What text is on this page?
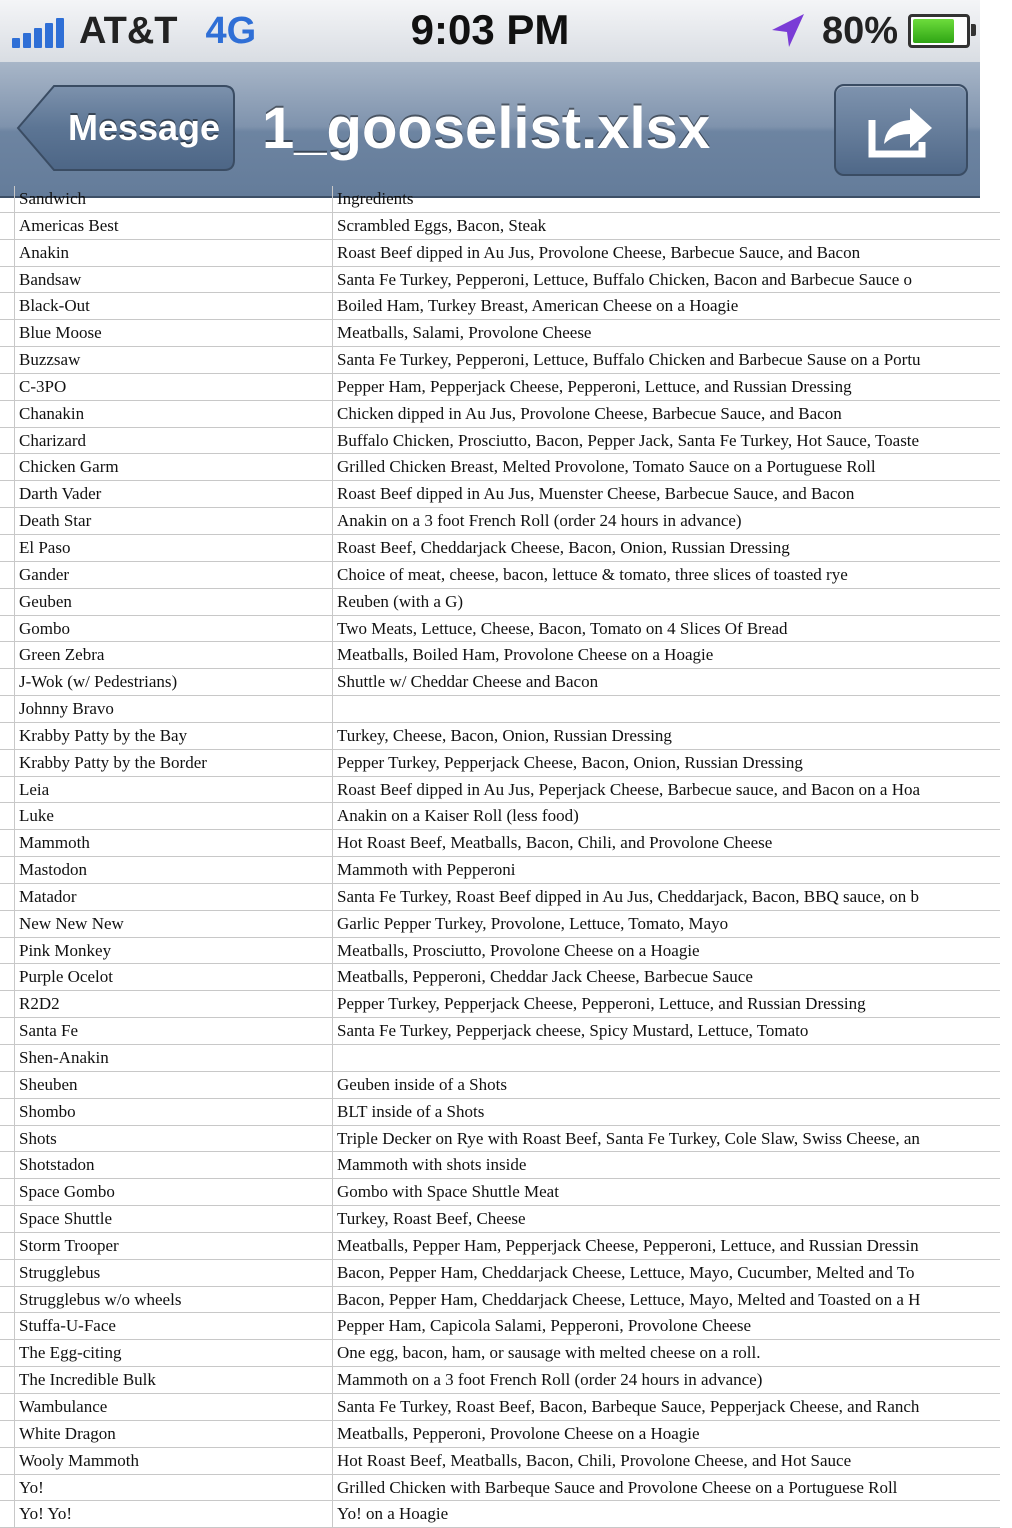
AT&T 4G	9:03 PM	80%
Message 1_gooselist.xlsx
Sandwich	Ingredients
Americas Best	Scrambled Eggs, Bacon, Steak
Anakin	Roast Beef dipped in Au Jus, Provolone Cheese, Barbecue Sauce, and Bacon
Bandsaw	Santa Fe Turkey, Pepperoni, Lettuce, Buffalo Chicken, Bacon and Barbecue Sauce o
Black-Out	Boiled Ham, Turkey Breast, American Cheese on a Hoagie
Blue Moose	Meatballs, Salami, Provolone Cheese
Buzzsaw	Santa Fe Turkey, Pepperoni, Lettuce, Buffalo Chicken and Barbecue Sause on a Portu
C-3PO	Pepper Ham, Pepperjack Cheese, Pepperoni, Lettuce, and Russian Dressing
Chanakin	Chicken dipped in Au Jus, Provolone Cheese, Barbecue Sauce, and Bacon
Charizard	Buffalo Chicken, Prosciutto, Bacon, Pepper Jack, Santa Fe Turkey, Hot Sauce, Toaste
Chicken Garm	Grilled Chicken Breast, Melted Provolone, Tomato Sauce on a Portuguese Roll
Darth Vader	Roast Beef dipped in Au Jus, Muenster Cheese, Barbecue Sauce, and Bacon
Death Star	Anakin on a 3 foot French Roll (order 24 hours in advance)
El Paso	Roast Beef, Cheddarjack Cheese, Bacon, Onion, Russian Dressing
Gander	Choice of meat, cheese, bacon, lettuce & tomato, three slices of toasted rye
Geuben	Reuben (with a G)
Gombo	Two Meats, Lettuce, Cheese, Bacon, Tomato on 4 Slices Of Bread
Green Zebra	Meatballs, Boiled Ham, Provolone Cheese on a Hoagie
J-Wok (w/ Pedestrians)	Shuttle w/ Cheddar Cheese and Bacon
Johnny Bravo
Krabby Patty by the Bay	Turkey, Cheese, Bacon, Onion, Russian Dressing
Krabby Patty by the Border	Pepper Turkey, Pepperjack Cheese, Bacon, Onion, Russian Dressing
Leia	Roast Beef dipped in Au Jus, Peperjack Cheese, Barbecue sauce, and Bacon on a Hoa
Luke	Anakin on a Kaiser Roll (less food)
Mammoth	Hot Roast Beef, Meatballs, Bacon, Chili, and Provolone Cheese
Mastodon	Mammoth with Pepperoni
Matador	Santa Fe Turkey, Roast Beef dipped in Au Jus, Cheddarjack, Bacon, BBQ sauce, on b
New New New	Garlic Pepper Turkey, Provolone, Lettuce, Tomato, Mayo
Pink Monkey	Meatballs, Prosciutto, Provolone Cheese on a Hoagie
Purple Ocelot	Meatballs, Pepperoni, Cheddar Jack Cheese, Barbecue Sauce
R2D2	Pepper Turkey, Pepperjack Cheese, Pepperoni, Lettuce, and Russian Dressing
Santa Fe	Santa Fe Turkey, Pepperjack cheese, Spicy Mustard, Lettuce, Tomato
Shen-Anakin
Sheuben	Geuben inside of a Shots
Shombo	BLT inside of a Shots
Shots	Triple Decker on Rye with Roast Beef, Santa Fe Turkey, Cole Slaw, Swiss Cheese, an
Shotstadon	Mammoth with shots inside
Space Gombo	Gombo with Space Shuttle Meat
Space Shuttle	Turkey, Roast Beef, Cheese
Storm Trooper	Meatballs, Pepper Ham, Pepperjack Cheese, Pepperoni, Lettuce, and Russian Dressin
Strugglebus	Bacon, Pepper Ham, Cheddarjack Cheese, Lettuce, Mayo, Cucumber, Melted and To
Strugglebus w/o wheels	Bacon, Pepper Ham, Cheddarjack Cheese, Lettuce, Mayo, Melted and Toasted on a H
Stuffa-U-Face	Pepper Ham, Capicola Salami, Pepperoni, Provolone Cheese
The Egg-citing	One egg, bacon, ham, or sausage with melted cheese on a roll.
The Incredible Bulk	Mammoth on a 3 foot French Roll (order 24 hours in advance)
Wambulance	Santa Fe Turkey, Roast Beef, Bacon, Barbeque Sauce, Pepperjack Cheese, and Ranch
White Dragon	Meatballs, Pepperoni, Provolone Cheese on a Hoagie
Wooly Mammoth	Hot Roast Beef, Meatballs, Bacon, Chili, Provolone Cheese, and Hot Sauce
Yo!	Grilled Chicken with Barbeque Sauce and Provolone Cheese on a Portuguese Roll
Yo! Yo!	Yo! on a Hoagie
